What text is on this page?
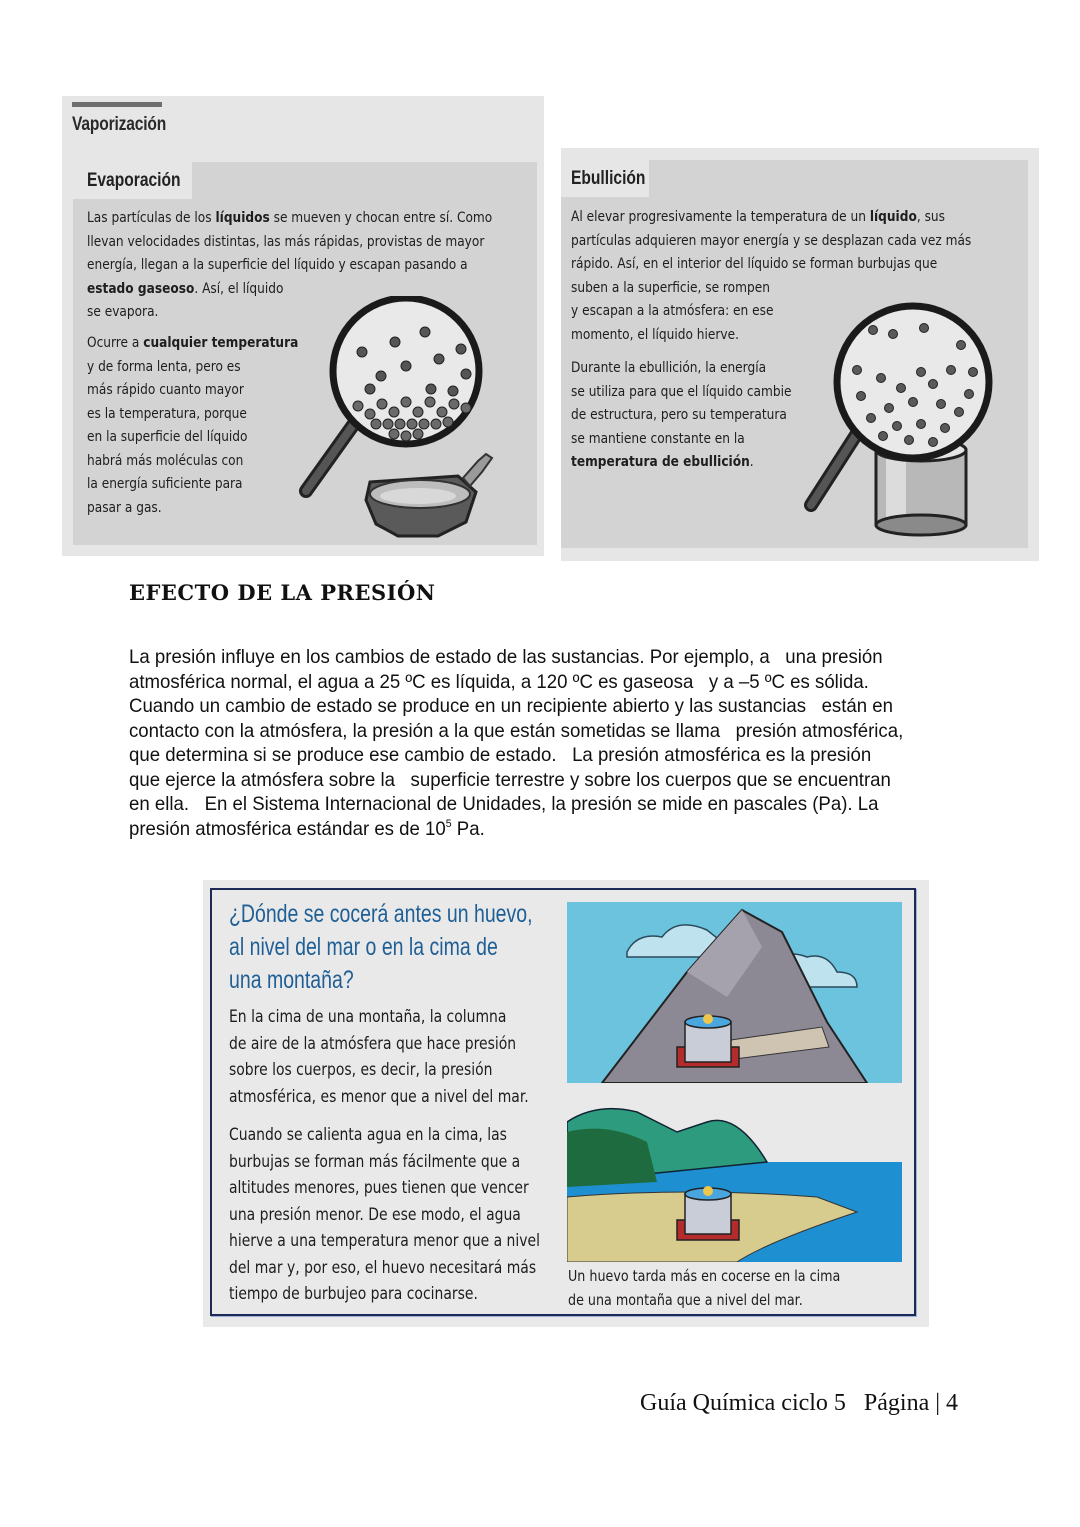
Vaporización
Evaporación
Las partículas de los líquidos se mueven y chocan entre sí. Como
llevan velocidades distintas, las más rápidas, provistas de mayor
energía, llegan a la superficie del líquido y escapan pasando a
estado gaseoso. Así, el líquido
se evapora.
Ocurre a cualquier temperatura
y de forma lenta, pero es
más rápido cuanto mayor
es la temperatura, porque
en la superficie del líquido
habrá más moléculas con
la energía suficiente para
pasar a gas.
Ebullición
Al elevar progresivamente la temperatura de un líquido, sus
partículas adquieren mayor energía y se desplazan cada vez más
rápido. Así, en el interior del líquido se forman burbujas que
suben a la superficie, se rompen
y escapan a la atmósfera: en ese
momento, el líquido hierve.
Durante la ebullición, la energía
se utiliza para que el líquido cambie
de estructura, pero su temperatura
se mantiene constante en la
temperatura de ebullición.
EFECTO DE LA PRESIÓN
La presión influye en los cambios de estado de las sustancias. Por ejemplo, a   una presión
atmosférica normal, el agua a 25 ºC es líquida, a 120 ºC es gaseosa   y a –5 ºC es sólida.
Cuando un cambio de estado se produce en un recipiente abierto y las sustancias   están en
contacto con la atmósfera, la presión a la que están sometidas se llama   presión atmosférica,
que determina si se produce ese cambio de estado.   La presión atmosférica es la presión
que ejerce la atmósfera sobre la   superficie terrestre y sobre los cuerpos que se encuentran
en ella.   En el Sistema Internacional de Unidades, la presión se mide en pascales (Pa). La
presión atmosférica estándar es de $10^5$ Pa.
¿Dónde se cocerá antes un huevo,
al nivel del mar o en la cima de
una montaña?
En la cima de una montaña, la columna
de aire de la atmósfera que hace presión
sobre los cuerpos, es decir, la presión
atmosférica, es menor que a nivel del mar.
Cuando se calienta agua en la cima, las
burbujas se forman más fácilmente que a
altitudes menores, pues tienen que vencer
una presión menor. De ese modo, el agua
hierve a una temperatura menor que a nivel
del mar y, por eso, el huevo necesitará más
tiempo de burbujeo para cocinarse.
Un huevo tarda más en cocerse en la cima
de una montaña que a nivel del mar.
Guía Química ciclo 5   Página | 4
